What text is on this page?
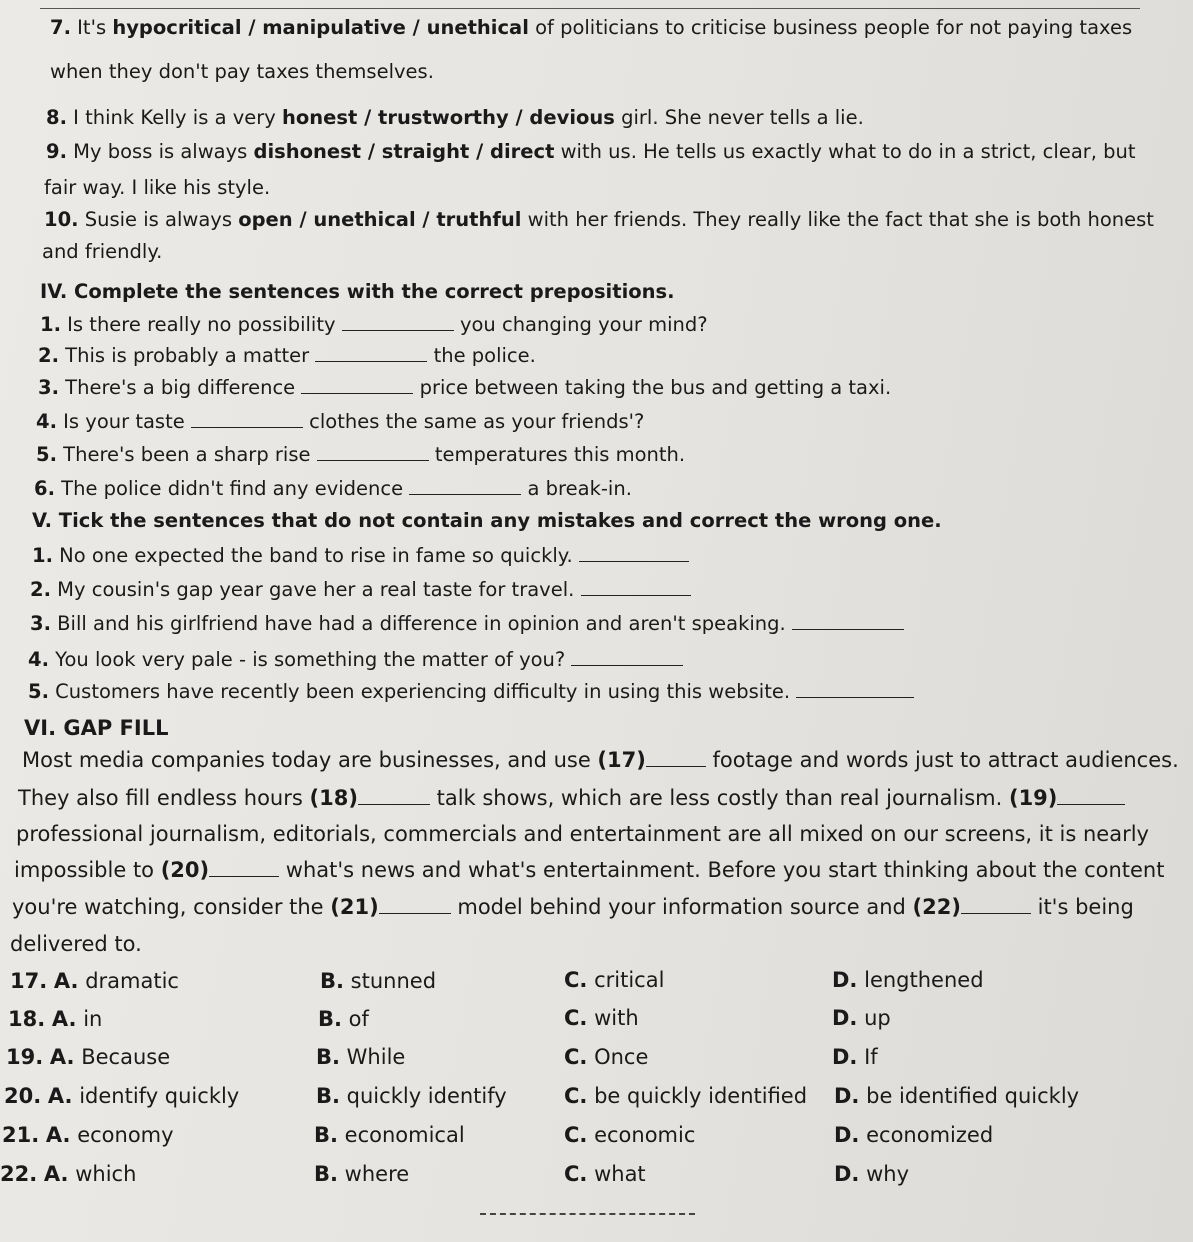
7. It's hypocritical / manipulative / unethical of politicians to criticise business people for not paying taxes
when they don't pay taxes themselves.
8. I think Kelly is a very honest / trustworthy / devious girl. She never tells a lie.
9. My boss is always dishonest / straight / direct with us. He tells us exactly what to do in a strict, clear, but
fair way. I like his style.
10. Susie is always open / unethical / truthful with her friends. They really like the fact that she is both honest
and friendly.
IV. Complete the sentences with the correct prepositions.
1. Is there really no possibility	you changing your mind?
2. This is probably a matter	the police.
3. There's a big difference	price between taking the bus and getting a taxi.
4. Is your taste	clothes the same as your friends'?
5. There's been a sharp rise	temperatures this month.
6. The police didn't find any evidence	a break-in.
V. Tick the sentences that do not contain any mistakes and correct the wrong one.
1. No one expected the band to rise in fame so quickly.
2. My cousin's gap year gave her a real taste for travel.
3. Bill and his girlfriend have had a difference in opinion and aren't speaking.
4. You look very pale - is something the matter of you?
5. Customers have recently been experiencing difficulty in using this website.
VI. GAP FILL
Most media companies today are businesses, and use (17)	footage and words just to attract audiences.
They also fill endless hours (18)	talk shows, which are less costly than real journalism. (19)
professional journalism, editorials, commercials and entertainment are all mixed on our screens, it is nearly
impossible to (20)	what's news and what's entertainment. Before you start thinking about the content
you're watching, consider the (21)	model behind your information source and (22)	it's being
delivered to.
17. A. dramatic	B. stunned	C. critical	D. lengthened
18. A. in	B. of	C. with	D. up
19. A. Because	B. While	C. Once	D. If
20. A. identify quickly	B. quickly identify	C. be quickly identified D. be identified quickly
21. A. economy	B. economical	C. economic	D. economized
22. A. which	B. where	C. what	D. why
